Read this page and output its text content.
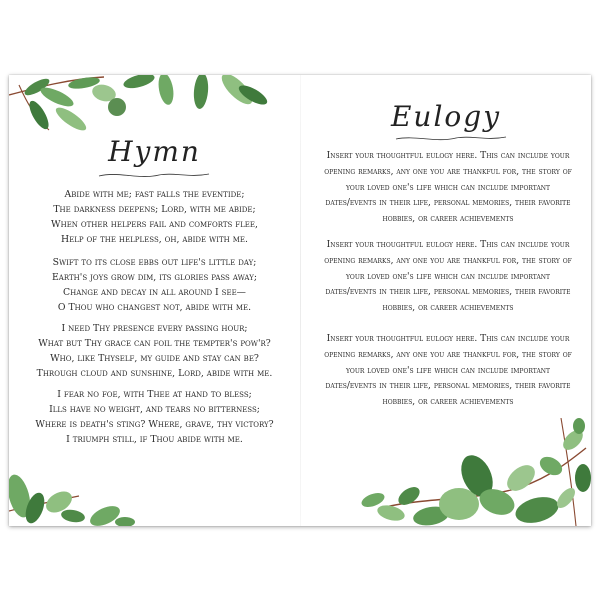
Hymn
Abide with me; fast falls the eventide;
The darkness deepens; Lord, with me abide;
When other helpers fail and comforts flee,
Help of the helpless, oh, abide with me.
Swift to its close ebbs out life's little day;
Earth's joys grow dim, its glories pass away;
Change and decay in all around I see—
O Thou who changest not, abide with me.
I need Thy presence every passing hour;
What but Thy grace can foil the tempter's pow'r?
Who, like Thyself, my guide and stay can be?
Through cloud and sunshine, Lord, abide with me.
I fear no foe, with Thee at hand to bless;
Ills have no weight, and tears no bitterness;
Where is death's sting? Where, grave, thy victory?
I triumph still, if Thou abide with me.
Eulogy
Insert your thoughtful eulogy here. This can include your opening remarks, any one you are thankful for, the story of your loved one's life which can include important dates/events in their life, personal memories, their favorite hobbies, or career achievements
Insert your thoughtful eulogy here. This can include your opening remarks, any one you are thankful for, the story of your loved one's life which can include important dates/events in their life, personal memories, their favorite hobbies, or career achievements
Insert your thoughtful eulogy here. This can include your opening remarks, any one you are thankful for, the story of your loved one's life which can include important dates/events in their life, personal memories, their favorite hobbies, or career achievements
